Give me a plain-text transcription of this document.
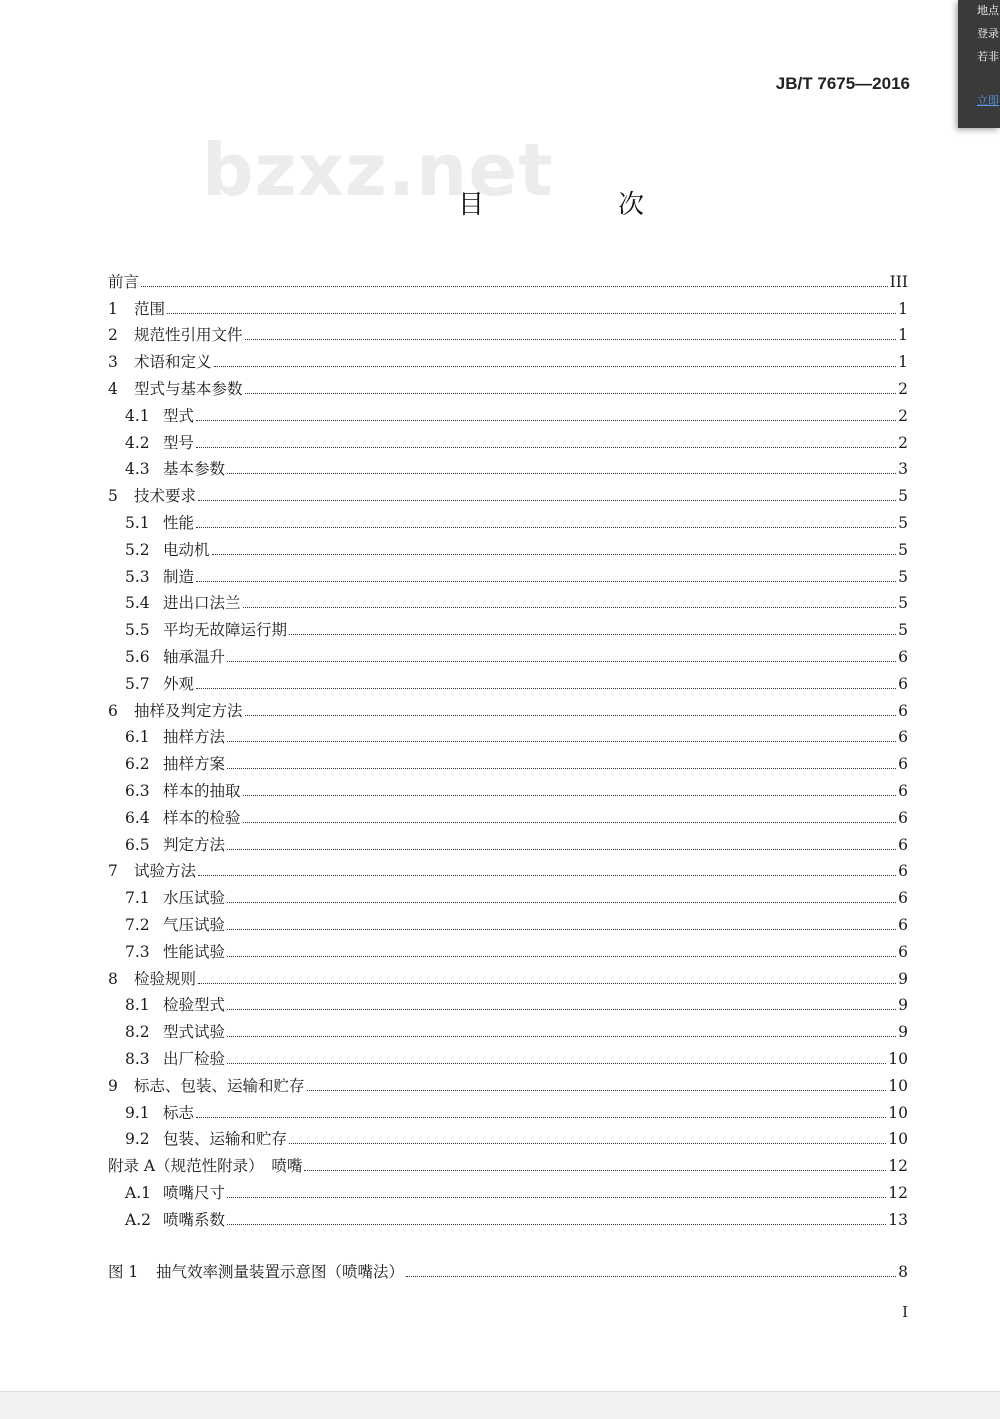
bzxz.net
JB/T 7675—2016
目　次
前言	III
1	范围	1
2	规范性引用文件	1
3	术语和定义	1
4	型式与基本参数	2
4.1 型式	2
4.2 型号	2
4.3 基本参数	3
5	技术要求	5
5.1 性能	5
5.2 电动机	5
5.3 制造	5
5.4 进出口法兰	5
5.5 平均无故障运行期	5
5.6 轴承温升	6
5.7 外观	6
6	抽样及判定方法	6
6.1 抽样方法	6
6.2 抽样方案	6
6.3 样本的抽取	6
6.4 样本的检验	6
6.5 判定方法	6
7	试验方法	6
7.1 水压试验	6
7.2 气压试验	6
7.3 性能试验	6
8	检验规则	9
8.1 检验型式	9
8.2 型式试验	9
8.3 出厂检验	10
9	标志、包装、运输和贮存	10
9.1 标志	10
9.2 包装、运输和贮存	10
附录 A（规范性附录）　喷嘴	12
A.1 喷嘴尺寸	12
A.2 喷嘴系数	13
图 1	抽气效率测量装置示意图（喷嘴法）	8
I
地点
登录
若非
立即
